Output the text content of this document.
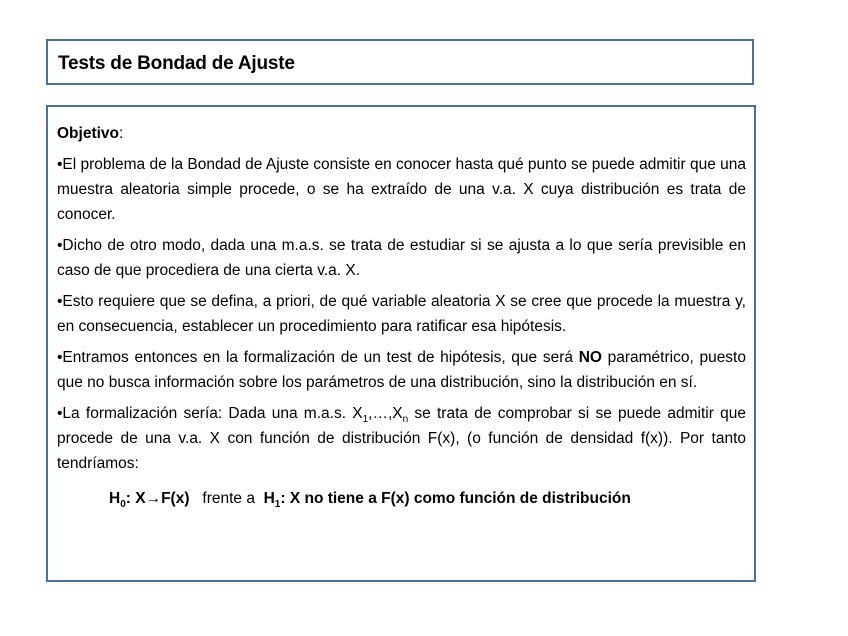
Tests de Bondad de Ajuste
Objetivo:
•El problema de la Bondad de Ajuste consiste en conocer hasta qué punto se puede admitir que una muestra aleatoria simple procede, o se ha extraído de una v.a. X cuya distribución es trata de conocer.
•Dicho de otro modo, dada una m.a.s. se trata de estudiar si se ajusta a lo que sería previsible en caso de que procediera de una cierta v.a. X.
•Esto requiere que se defina, a priori, de qué variable aleatoria X se cree que procede la muestra y, en consecuencia, establecer un procedimiento para ratificar esa hipótesis.
•Entramos entonces en la formalización de un test de hipótesis, que será NO paramétrico, puesto que no busca información sobre los parámetros de una distribución, sino la distribución en sí.
•La formalización sería: Dada una m.a.s. $X_1,\dots,X_n$ se trata de comprobar si se puede admitir que procede de una v.a. X con función de distribución F(x), (o función de densidad f(x)). Por tanto tendríamos:
$H_0$: X→F(x)   frente a  $H_1$: X no tiene a F(x) como función de distribución
